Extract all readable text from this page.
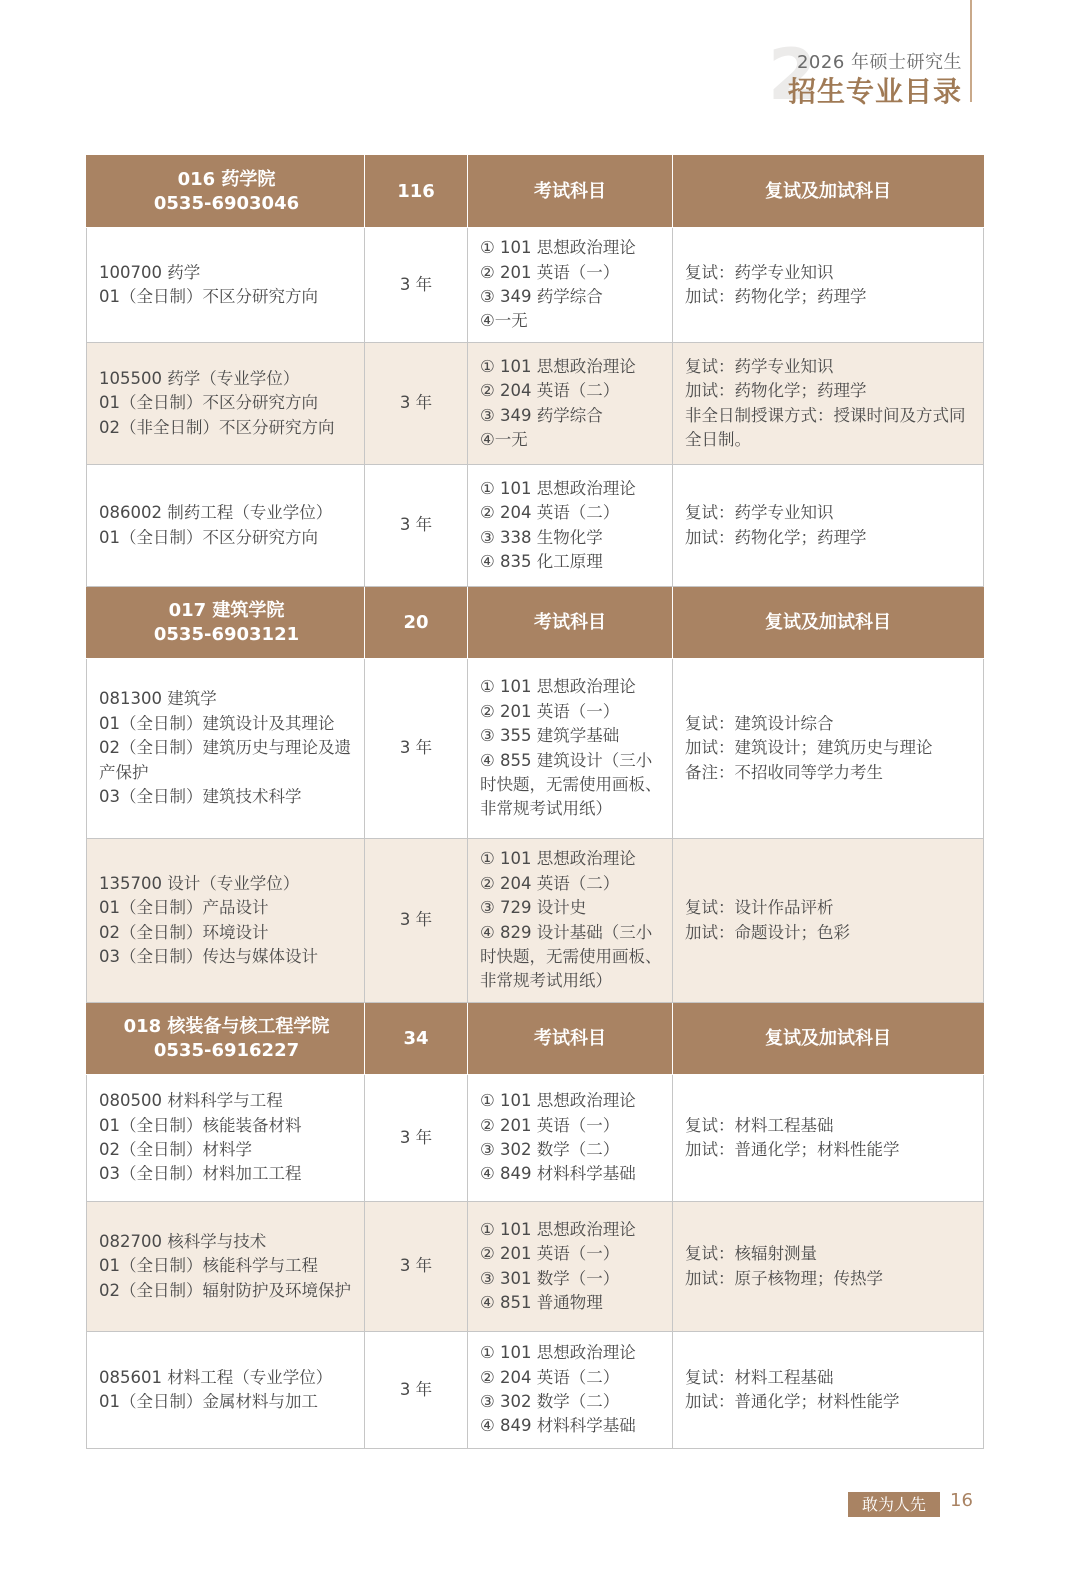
2
2026 年硕士研究生
招生专业目录
016 药学院
0535-6903046	116	考试科目	复试及加试科目

100700 药学
01（全日制）不区分研究方向	3 年	① 101 思想政治理论
② 201 英语（一）
③ 349 药学综合
④一无	复试：药学专业知识
加试：药物化学；药理学

105500 药学（专业学位）
01（全日制）不区分研究方向
02（非全日制）不区分研究方向	3 年	① 101 思想政治理论
② 204 英语（二）
③ 349 药学综合
④一无	复试：药学专业知识
加试：药物化学；药理学
非全日制授课方式：授课时间及方式同全日制。

086002 制药工程（专业学位）
01（全日制）不区分研究方向	3 年	① 101 思想政治理论
② 204 英语（二）
③ 338 生物化学
④ 835 化工原理	复试：药学专业知识
加试：药物化学；药理学

017 建筑学院
0535-6903121	20	考试科目	复试及加试科目

081300 建筑学
01（全日制）建筑设计及其理论
02（全日制）建筑历史与理论及遗产保护
03（全日制）建筑技术科学	3 年	① 101 思想政治理论
② 201 英语（一）
③ 355 建筑学基础
④ 855 建筑设计（三小时快题，无需使用画板、非常规考试用纸）	复试：建筑设计综合
加试：建筑设计；建筑历史与理论
备注：不招收同等学力考生

135700 设计（专业学位）
01（全日制）产品设计
02（全日制）环境设计
03（全日制）传达与媒体设计	3 年	① 101 思想政治理论
② 204 英语（二）
③ 729 设计史
④ 829 设计基础（三小时快题，无需使用画板、非常规考试用纸）	复试：设计作品评析
加试：命题设计；色彩

018 核装备与核工程学院
0535-6916227	34	考试科目	复试及加试科目

080500 材料科学与工程
01（全日制）核能装备材料
02（全日制）材料学
03（全日制）材料加工工程	3 年	① 101 思想政治理论
② 201 英语（一）
③ 302 数学（二）
④ 849 材料科学基础	复试：材料工程基础
加试：普通化学；材料性能学

082700 核科学与技术
01（全日制）核能科学与工程
02（全日制）辐射防护及环境保护	3 年	① 101 思想政治理论
② 201 英语（一）
③ 301 数学（一）
④ 851 普通物理	复试：核辐射测量
加试：原子核物理；传热学

085601 材料工程（专业学位）
01（全日制）金属材料与加工	3 年	① 101 思想政治理论
② 204 英语（二）
③ 302 数学（二）
④ 849 材料科学基础	复试：材料工程基础
加试：普通化学；材料性能学
敢为人先	16
